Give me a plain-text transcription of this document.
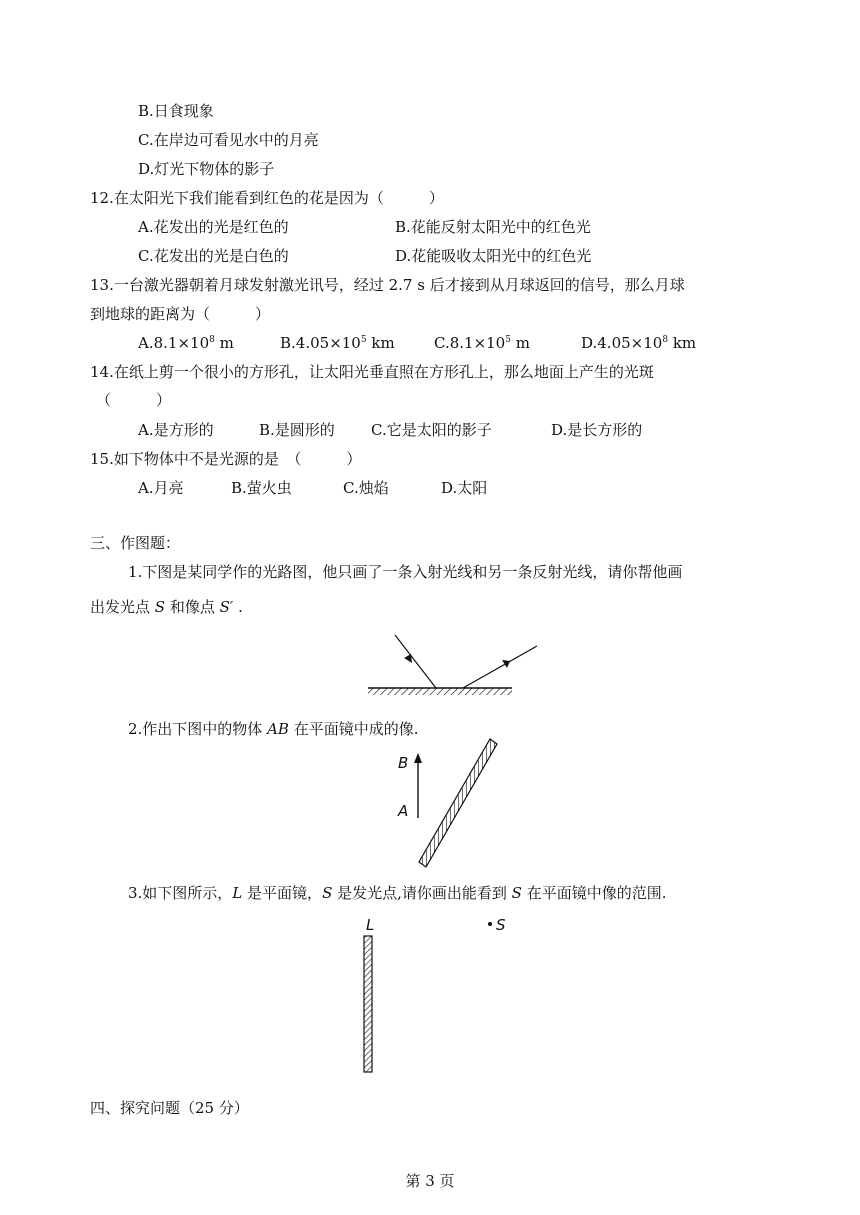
B.日食现象
C.在岸边可看见水中的月亮
D.灯光下物体的影子
12.在太阳光下我们能看到红色的花是因为（　　　）
A.花发出的光是红色的	B.花能反射太阳光中的红色光
C.花发出的光是白色的	D.花能吸收太阳光中的红色光
13.一台激光器朝着月球发射激光讯号，经过 2.7 s 后才接到从月球返回的信号，那么月球
到地球的距离为（　　　）
$A.8.1\times 10^8$ m	$B.4.05\times 10^5$ km	$C.8.1\times 10^5$ m	$D.4.05\times 10^8$ km
14.在纸上剪一个很小的方形孔，让太阳光垂直照在方形孔上，那么地面上产生的光斑
（　　　）
A.是方形的	B.是圆形的 C.它是太阳的影子	D.是长方形的
15.如下物体中不是光源的是　（　　　）
A.月亮	B.萤火虫	C.烛焰	D.太阳
三、作图题：
1.下图是某同学作的光路图，他只画了一条入射光线和另一条反射光线，请你帮他画
出发光点 S 和像点 S′ .
2.作出下图中的物体 AB 在平面镜中成的像.
B
A
3.如下图所示，L 是平面镜，S 是发光点,请你画出能看到 S 在平面镜中像的范围.
L	S
四、探究问题（25 分）
第 3 页
